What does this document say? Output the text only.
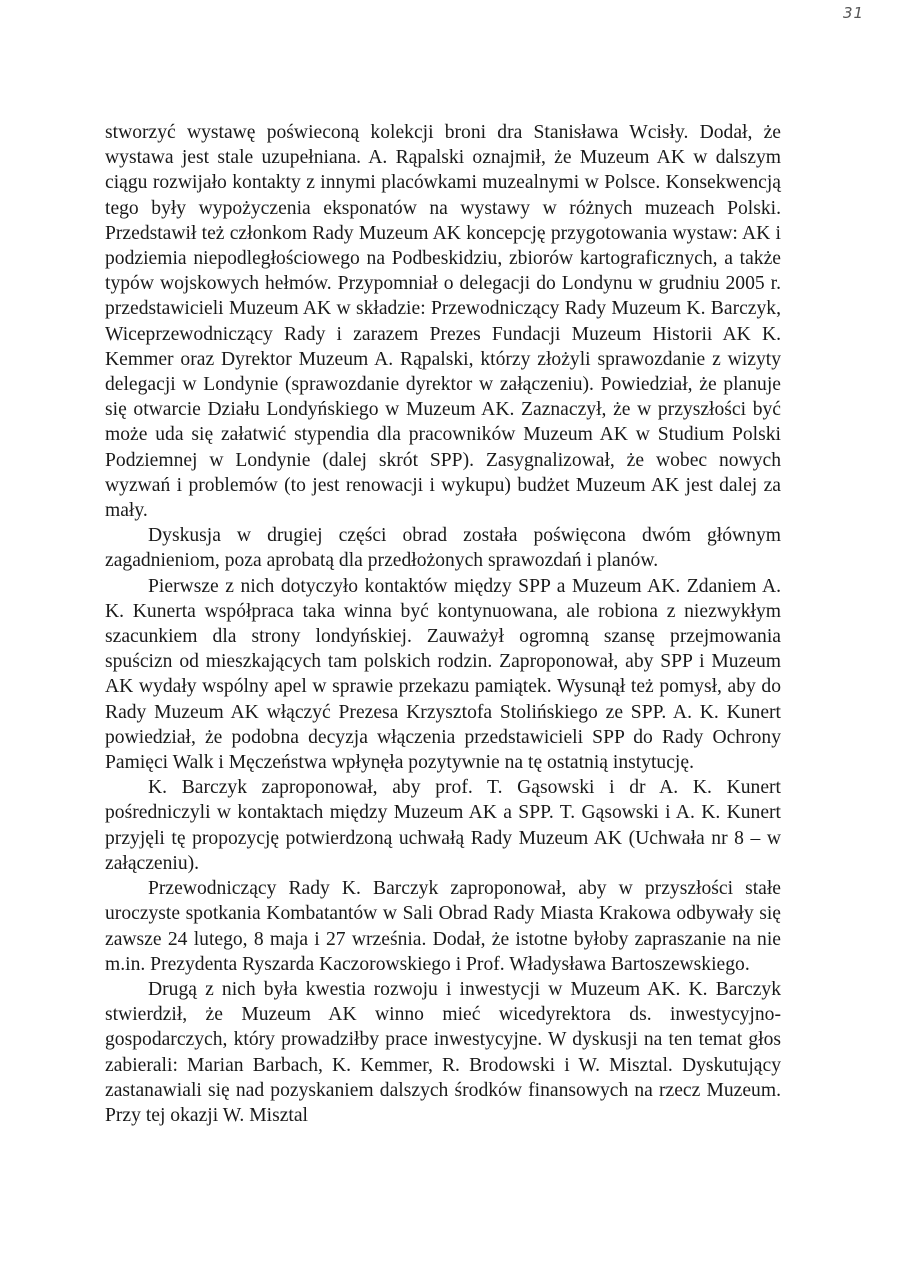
31

stworzyć wystawę poświeconą kolekcji broni dra Stanisława Wcisły. Dodał, że wystawa jest stale uzupełniana. A. Rąpalski oznajmił, że Muzeum AK w dalszym ciągu rozwijało kontakty z innymi placówkami muzealnymi w Polsce. Konsekwencją tego były wypożyczenia eksponatów na wystawy w różnych muzeach Polski. Przedstawił też członkom Rady Muzeum AK koncepcję przygotowania wystaw: AK i podziemia niepodległościowego na Podbeskidziu, zbiorów kartograficznych, a także typów wojskowych hełmów. Przypomniał o delegacji do Londynu w grudniu 2005 r. przedstawicieli Muzeum AK w składzie: Przewodniczący Rady Muzeum K. Barczyk, Wiceprzewodniczący Rady i zarazem Prezes Fundacji Muzeum Historii AK K. Kemmer oraz Dyrektor Muzeum A. Rąpalski, którzy złożyli sprawozdanie z wizyty delegacji w Londynie (sprawozdanie dyrektor w załączeniu). Powiedział, że planuje się otwarcie Działu Londyńskiego w Muzeum AK. Zaznaczył, że w przyszłości być może uda się załatwić stypendia dla pracowników Muzeum AK w Studium Polski Podziemnej w Londynie (dalej skrót SPP). Zasygnalizował, że wobec nowych wyzwań i problemów (to jest renowacji i wykupu) budżet Muzeum AK jest dalej za mały.

Dyskusja w drugiej części obrad została poświęcona dwóm głównym zagadnieniom, poza aprobatą dla przedłożonych sprawozdań i planów.

Pierwsze z nich dotyczyło kontaktów między SPP a Muzeum AK. Zdaniem A. K. Kunerta współpraca taka winna być kontynuowana, ale robiona z niezwykłym szacunkiem dla strony londyńskiej. Zauważył ogromną szansę przejmowania spuścizn od mieszkających tam polskich rodzin. Zaproponował, aby SPP i Muzeum AK wydały wspólny apel w sprawie przekazu pamiątek. Wysunął też pomysł, aby do Rady Muzeum AK włączyć Prezesa Krzysztofa Stolińskiego ze SPP. A. K. Kunert powiedział, że podobna decyzja włączenia przedstawicieli SPP do Rady Ochrony Pamięci Walk i Męczeństwa wpłynęła pozytywnie na tę ostatnią instytucję.

K. Barczyk zaproponował, aby prof. T. Gąsowski i dr A. K. Kunert pośredniczyli w kontaktach między Muzeum AK a SPP. T. Gąsowski i A. K. Kunert przyjęli tę propozycję potwierdzoną uchwałą Rady Muzeum AK (Uchwała nr 8 – w załączeniu).

Przewodniczący Rady K. Barczyk zaproponował, aby w przyszłości stałe uroczyste spotkania Kombatantów w Sali Obrad Rady Miasta Krakowa odbywały się zawsze 24 lutego, 8 maja i 27 września. Dodał, że istotne byłoby zapraszanie na nie m.in. Prezydenta Ryszarda Kaczorowskiego i Prof. Władysława Bartoszewskiego.

Drugą z nich była kwestia rozwoju i inwestycji w Muzeum AK. K. Barczyk stwierdził, że Muzeum AK winno mieć wicedyrektora ds. inwestycyjno-gospodarczych, który prowadziłby prace inwestycyjne. W dyskusji na ten temat głos zabierali: Marian Barbach, K. Kemmer, R. Brodowski i W. Misztal. Dyskutujący zastanawiali się nad pozyskaniem dalszych środków finansowych na rzecz Muzeum. Przy tej okazji W. Misztal
